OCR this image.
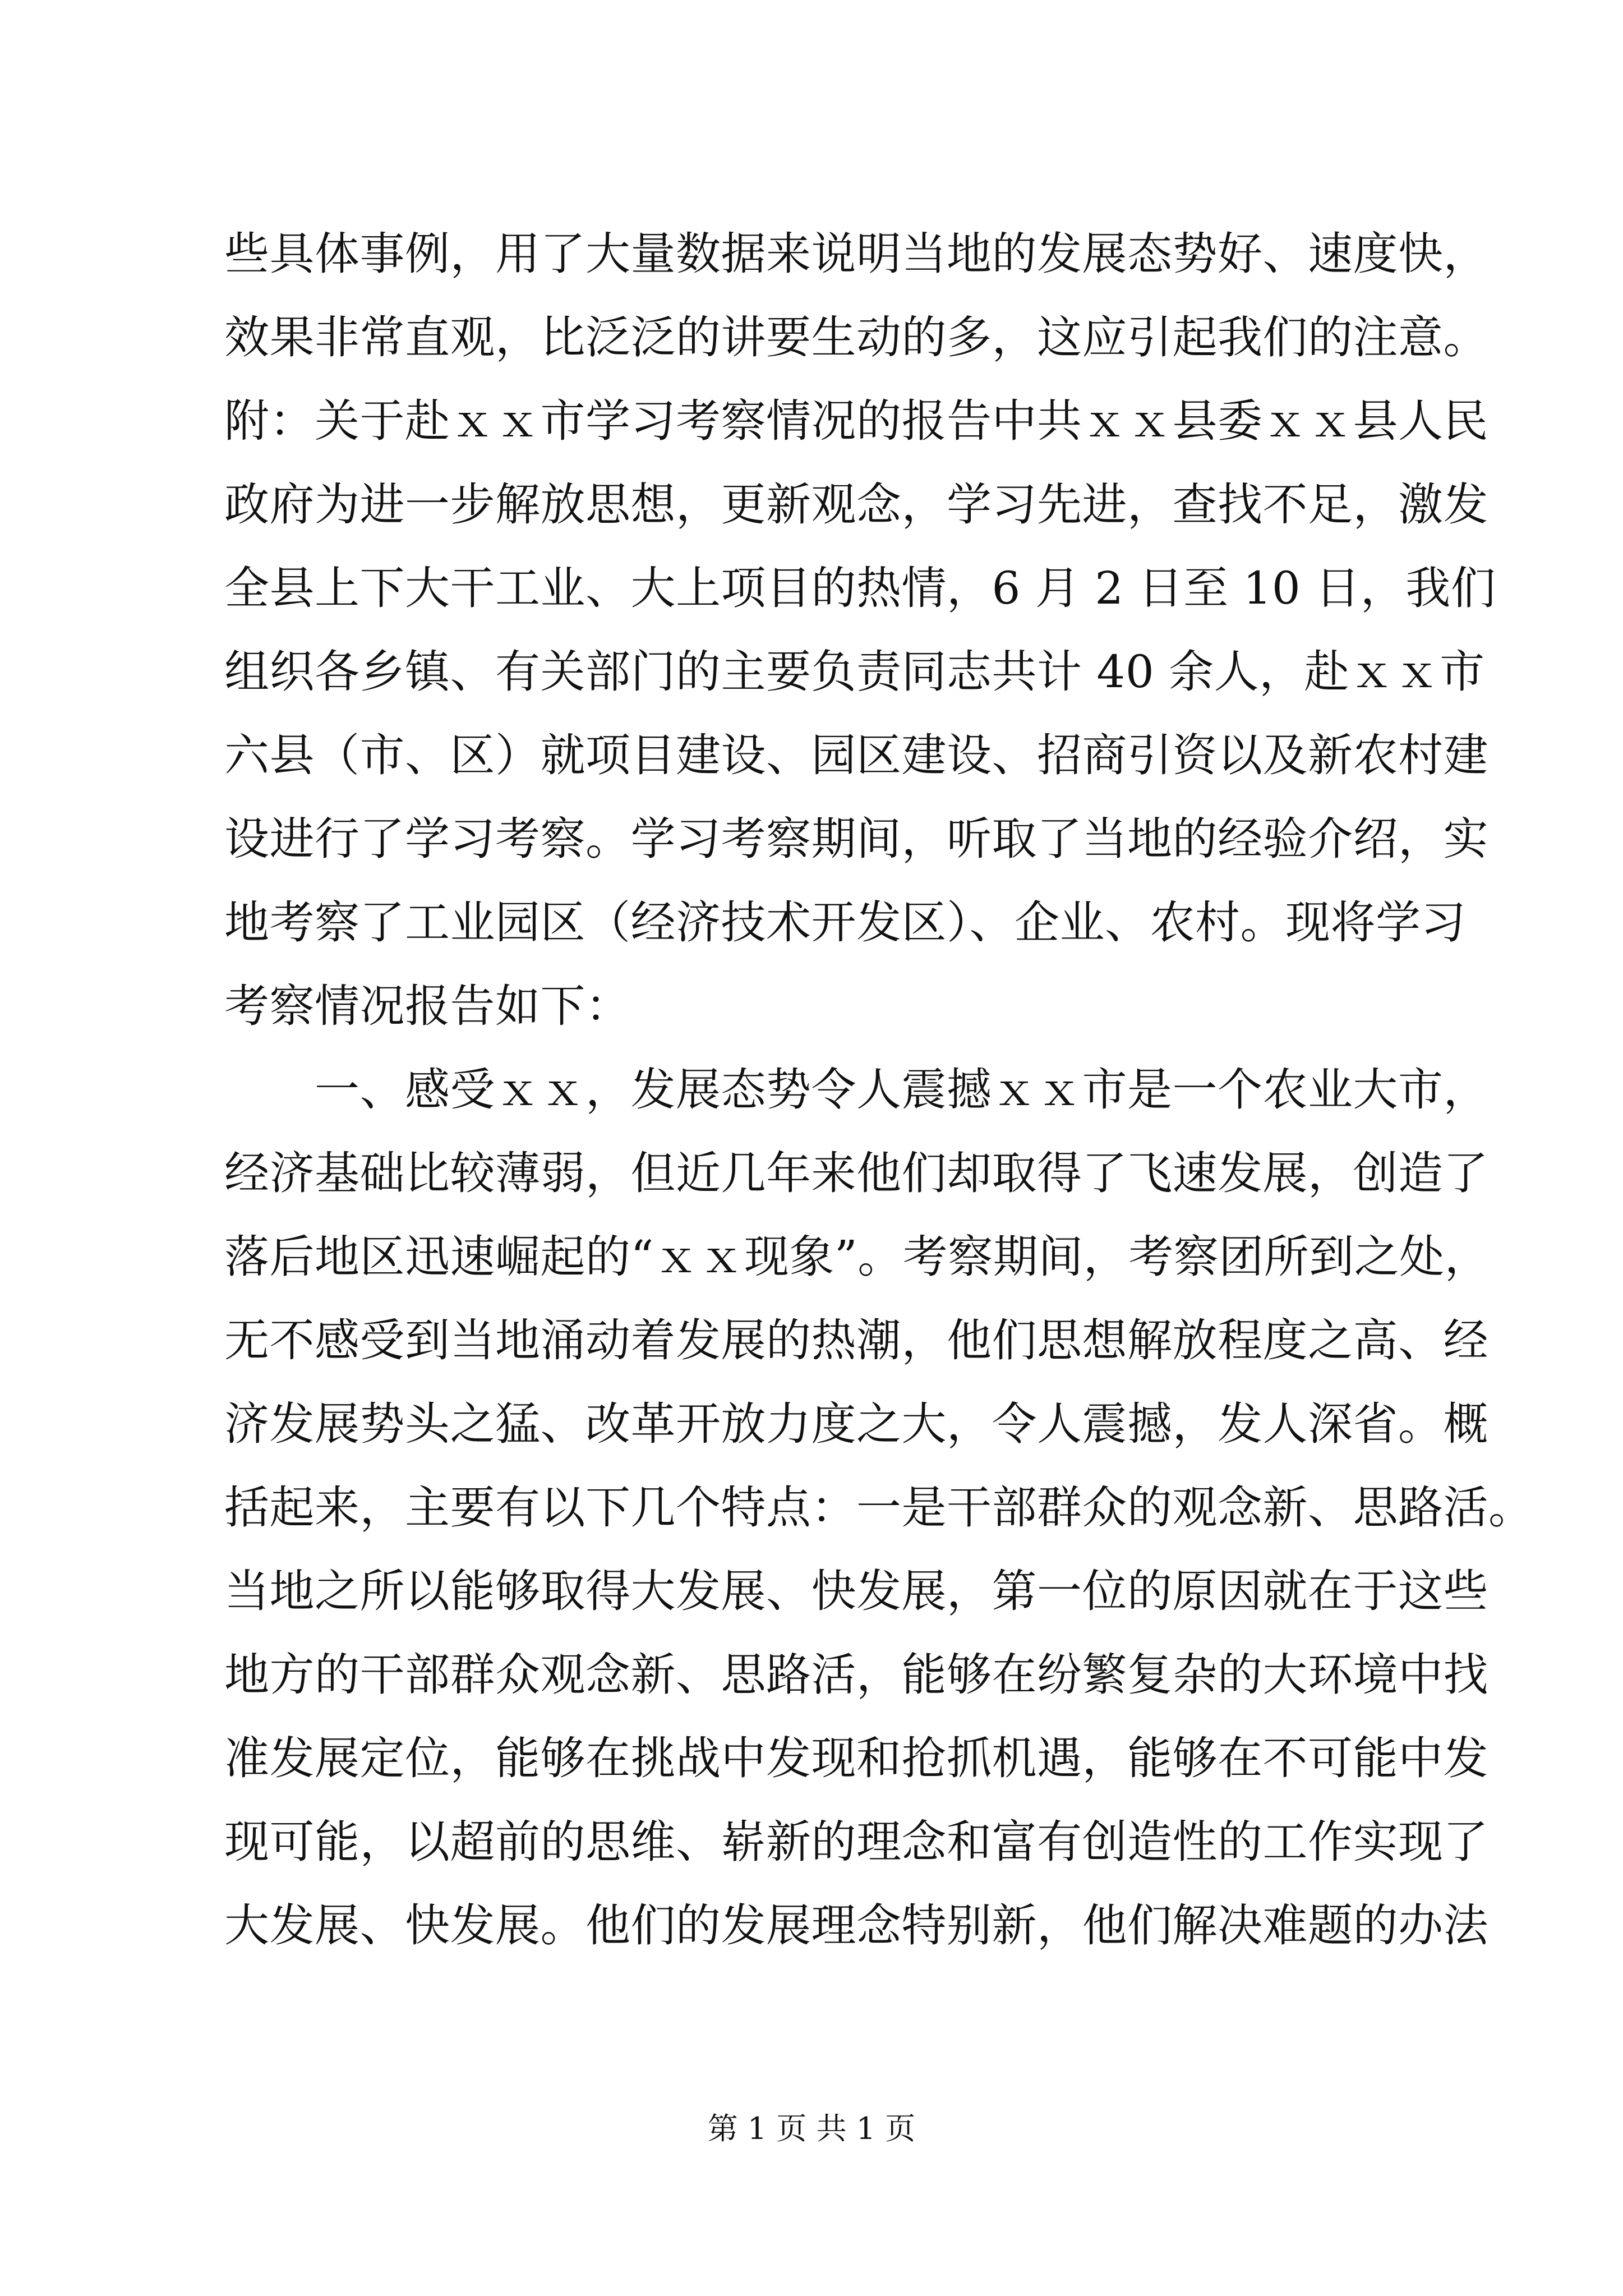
些具体事例，用了大量数据来说明当地的发展态势好、速度快，
效果非常直观，比泛泛的讲要生动的多，这应引起我们的注意。
附：关于赴ｘｘ市学习考察情况的报告中共ｘｘ县委ｘｘ县人民
政府为进一步解放思想，更新观念，学习先进，查找不足，激发
全县上下大干工业、大上项目的热情，6 月 2 日至 10 日，我们
组织各乡镇、有关部门的主要负责同志共计 40 余人，赴ｘｘ市
六县（市、区）就项目建设、园区建设、招商引资以及新农村建
设进行了学习考察。学习考察期间，听取了当地的经验介绍，实
地考察了工业园区（经济技术开发区）、企业、农村。现将学习
考察情况报告如下：
　　一、感受ｘｘ，发展态势令人震撼ｘｘ市是一个农业大市，
经济基础比较薄弱，但近几年来他们却取得了飞速发展，创造了
落后地区迅速崛起的“ｘｘ现象”。考察期间，考察团所到之处，
无不感受到当地涌动着发展的热潮，他们思想解放程度之高、经
济发展势头之猛、改革开放力度之大，令人震撼，发人深省。概
括起来，主要有以下几个特点：一是干部群众的观念新、思路活。
当地之所以能够取得大发展、快发展，第一位的原因就在于这些
地方的干部群众观念新、思路活，能够在纷繁复杂的大环境中找
准发展定位，能够在挑战中发现和抢抓机遇，能够在不可能中发
现可能，以超前的思维、崭新的理念和富有创造性的工作实现了
大发展、快发展。他们的发展理念特别新，他们解决难题的办法
第 1 页 共 1 页
